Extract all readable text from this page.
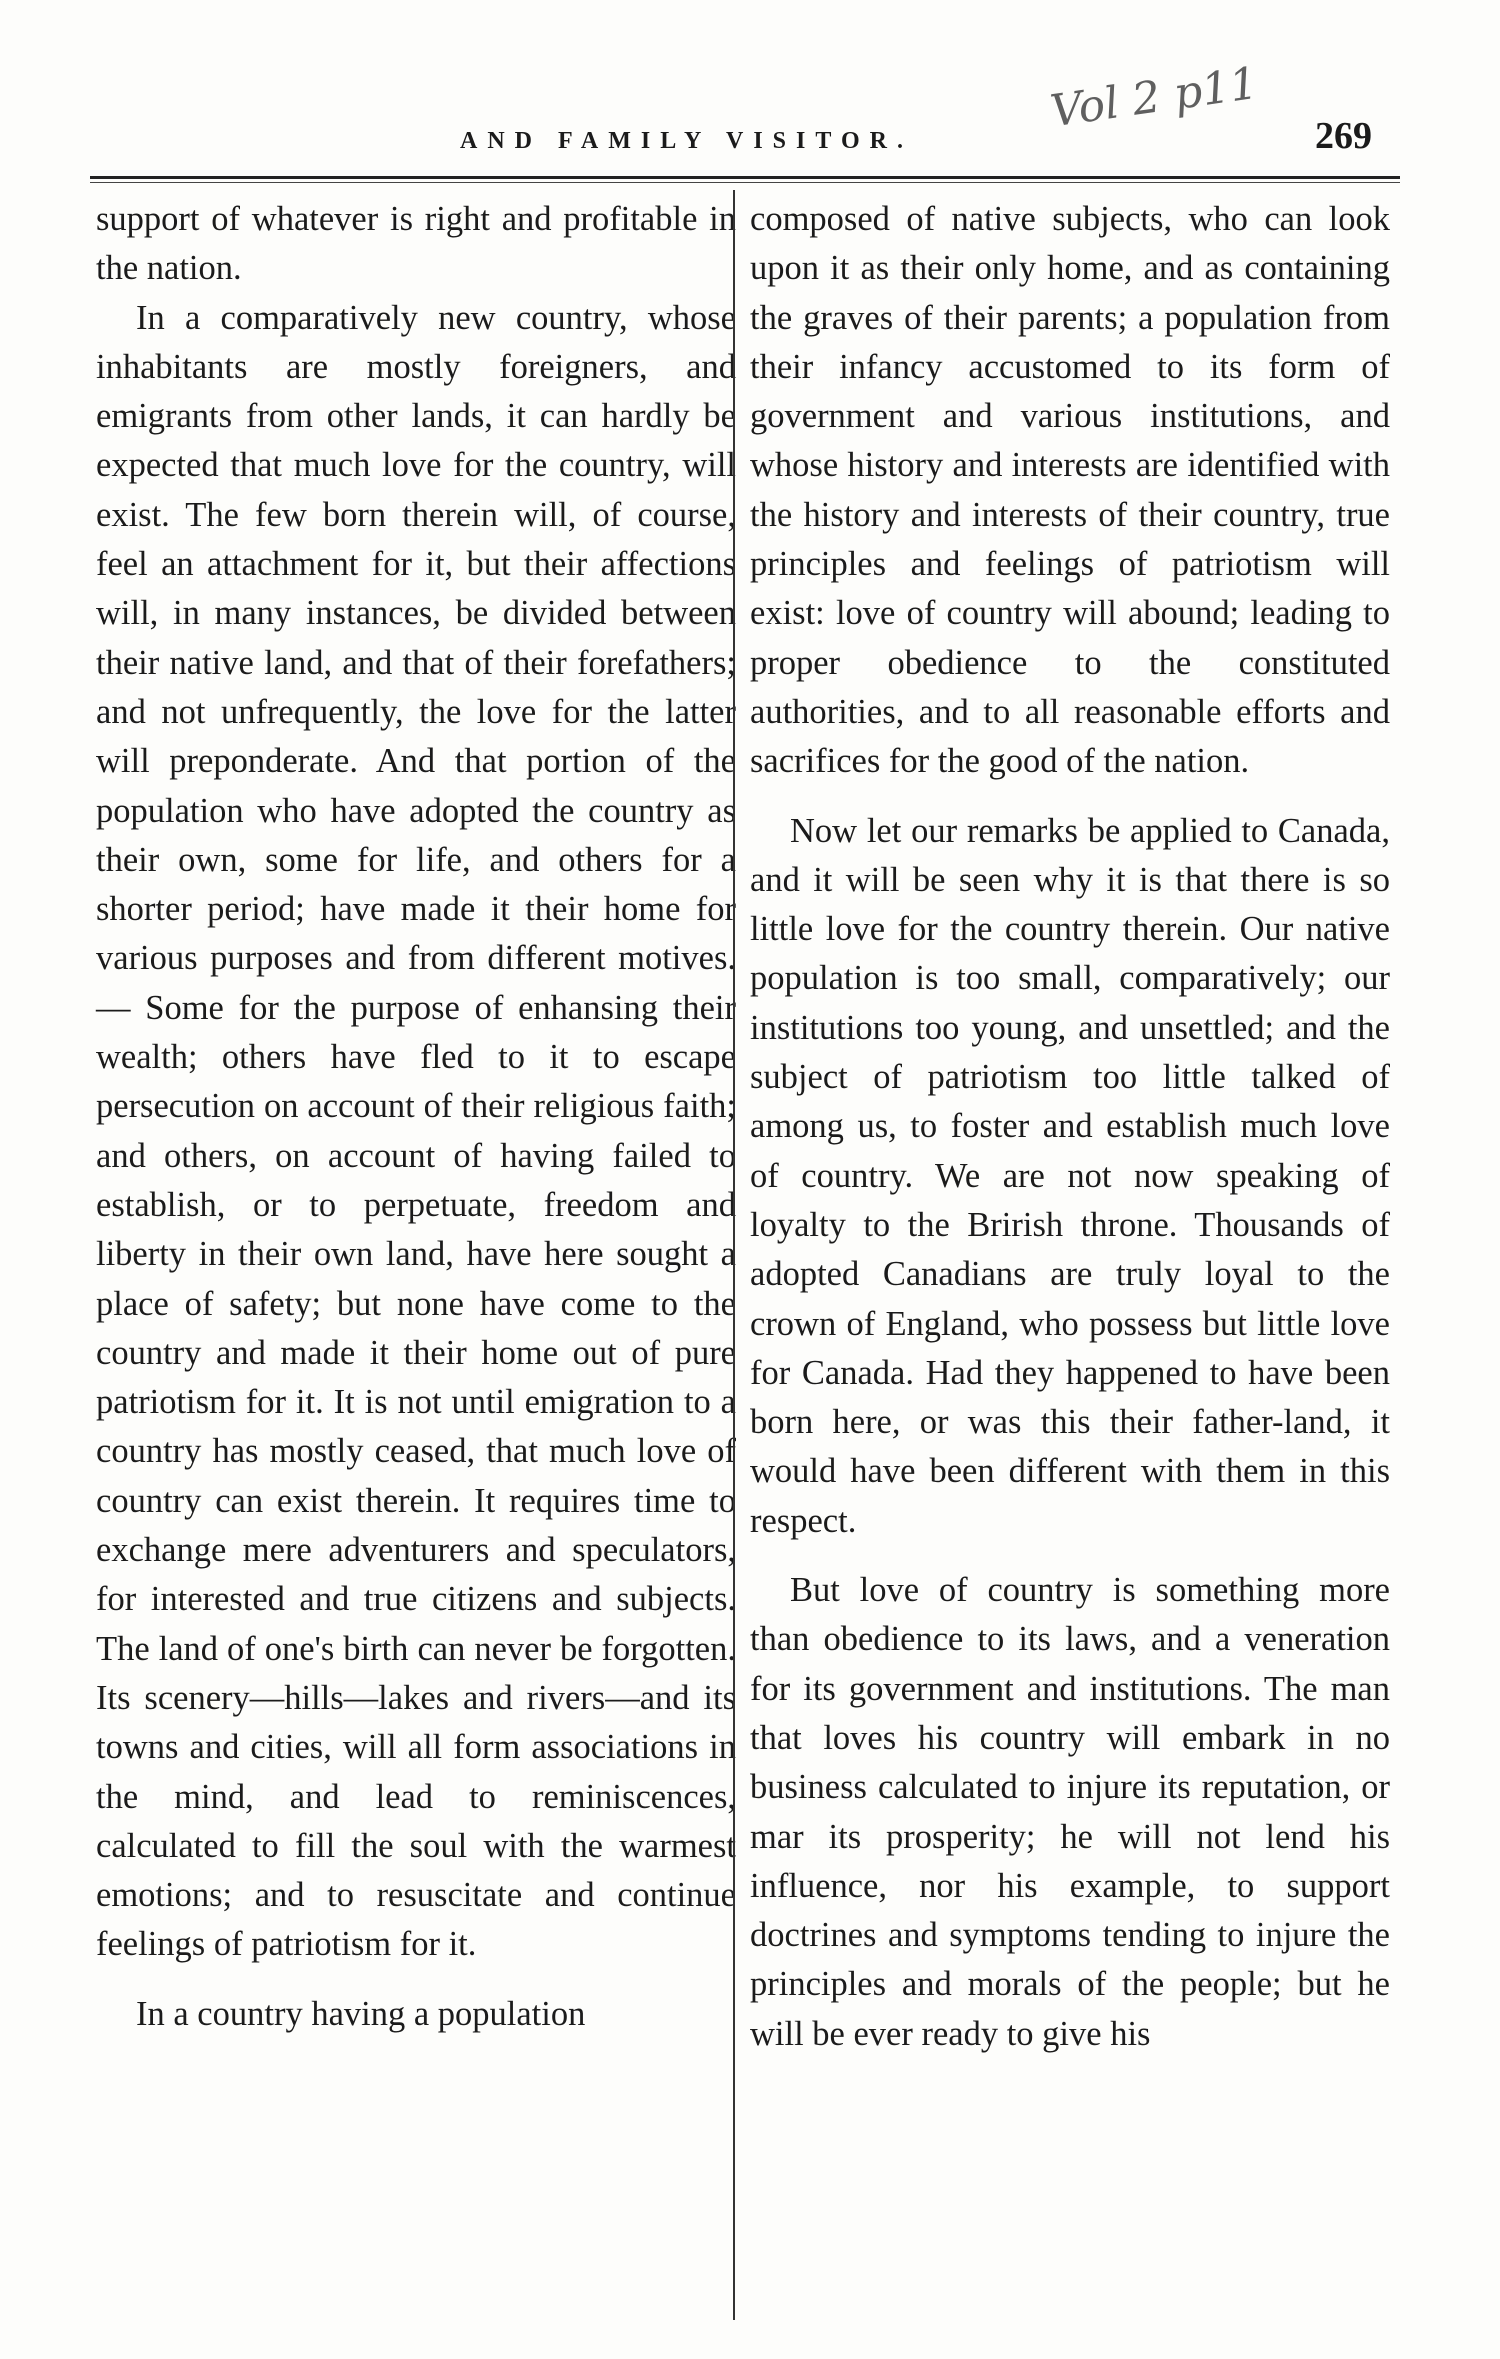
AND FAMILY VISITOR.
Vol 2 p11 269

support of whatever is right and profitable in the nation.

In a comparatively new country, whose inhabitants are mostly foreigners, and emigrants from other lands, it can hardly be expected that much love for the country, will exist. The few born therein will, of course, feel an attachment for it, but their affections will, in many instances, be divided between their native land, and that of their forefathers; and not unfrequently, the love for the latter will preponderate. And that portion of the population who have adopted the country as their own, some for life, and others for a shorter period; have made it their home for various purposes and from different motives.— Some for the purpose of enhansing their wealth; others have fled to it to escape persecution on account of their religious faith; and others, on account of having failed to establish, or to perpetuate, freedom and liberty in their own land, have here sought a place of safety; but none have come to the country and made it their home out of pure patriotism for it. It is not until emigration to a country has mostly ceased, that much love of country can exist therein. It requires time to exchange mere adventurers and speculators, for interested and true citizens and subjects. The land of one's birth can never be forgotten. Its scenery—hills—lakes and rivers—and its towns and cities, will all form associations in the mind, and lead to reminiscences, calculated to fill the soul with the warmest emotions; and to resuscitate and continue feelings of patriotism for it.

In a country having a population

composed of native subjects, who can look upon it as their only home, and as containing the graves of their parents; a population from their infancy accustomed to its form of government and various institutions, and whose history and interests are identified with the history and interests of their country, true principles and feelings of patriotism will exist: love of country will abound; leading to proper obedience to the constituted authorities, and to all reasonable efforts and sacrifices for the good of the nation.

Now let our remarks be applied to Canada, and it will be seen why it is that there is so little love for the country therein. Our native population is too small, comparatively; our institutions too young, and unsettled; and the subject of patriotism too little talked of among us, to foster and establish much love of country. We are not now speaking of loyalty to the Brirish throne. Thousands of adopted Canadians are truly loyal to the crown of England, who possess but little love for Canada. Had they happened to have been born here, or was this their father-land, it would have been different with them in this respect.

But love of country is something more than obedience to its laws, and a veneration for its government and institutions. The man that loves his country will embark in no business calculated to injure its reputation, or mar its prosperity; he will not lend his influence, nor his example, to support doctrines and symptoms tending to injure the principles and morals of the people; but he will be ever ready to give his
